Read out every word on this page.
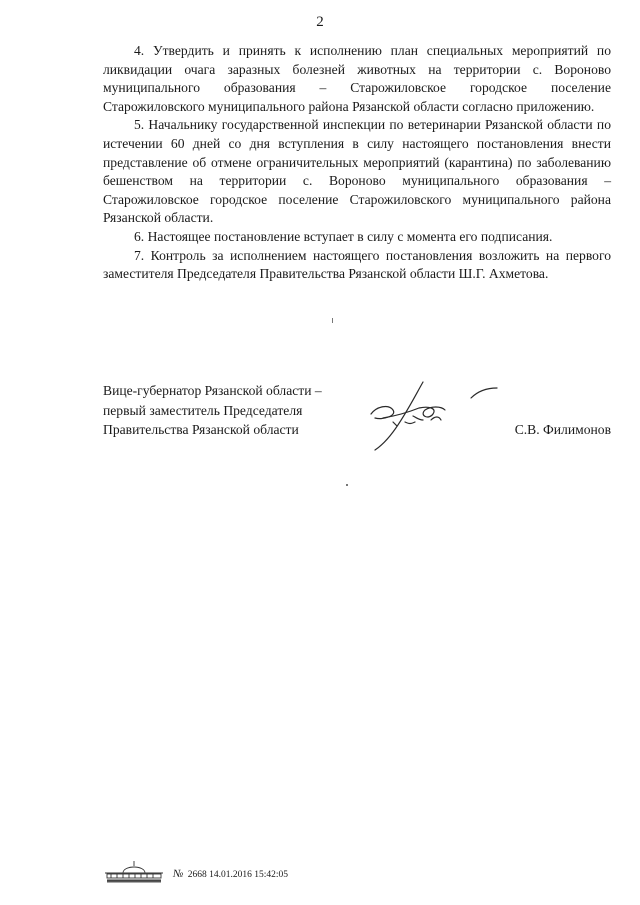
2

4. Утвердить и принять к исполнению план специальных мероприятий по ликвидации очага заразных болезней животных на территории с. Вороново муниципального образования – Старожиловское городское поселение Старожиловского муниципального района Рязанской области согласно приложению.

5. Начальнику государственной инспекции по ветеринарии Рязанской области по истечении 60 дней со дня вступления в силу настоящего постановления внести представление об отмене ограничительных мероприятий (карантина) по заболеванию бешенством на территории с. Вороново муниципального образования – Старожиловское городское поселение Старожиловского муниципального района Рязанской области.

6. Настоящее постановление вступает в силу с момента его подписания.

7. Контроль за исполнением настоящего постановления возложить на первого заместителя Председателя Правительства Рязанской области Ш.Г. Ахметова.

Вице-губернатор Рязанской области –
первый заместитель Председателя
Правительства Рязанской области	С.В. Филимонов
№ 2668 14.01.2016 15:42:05
